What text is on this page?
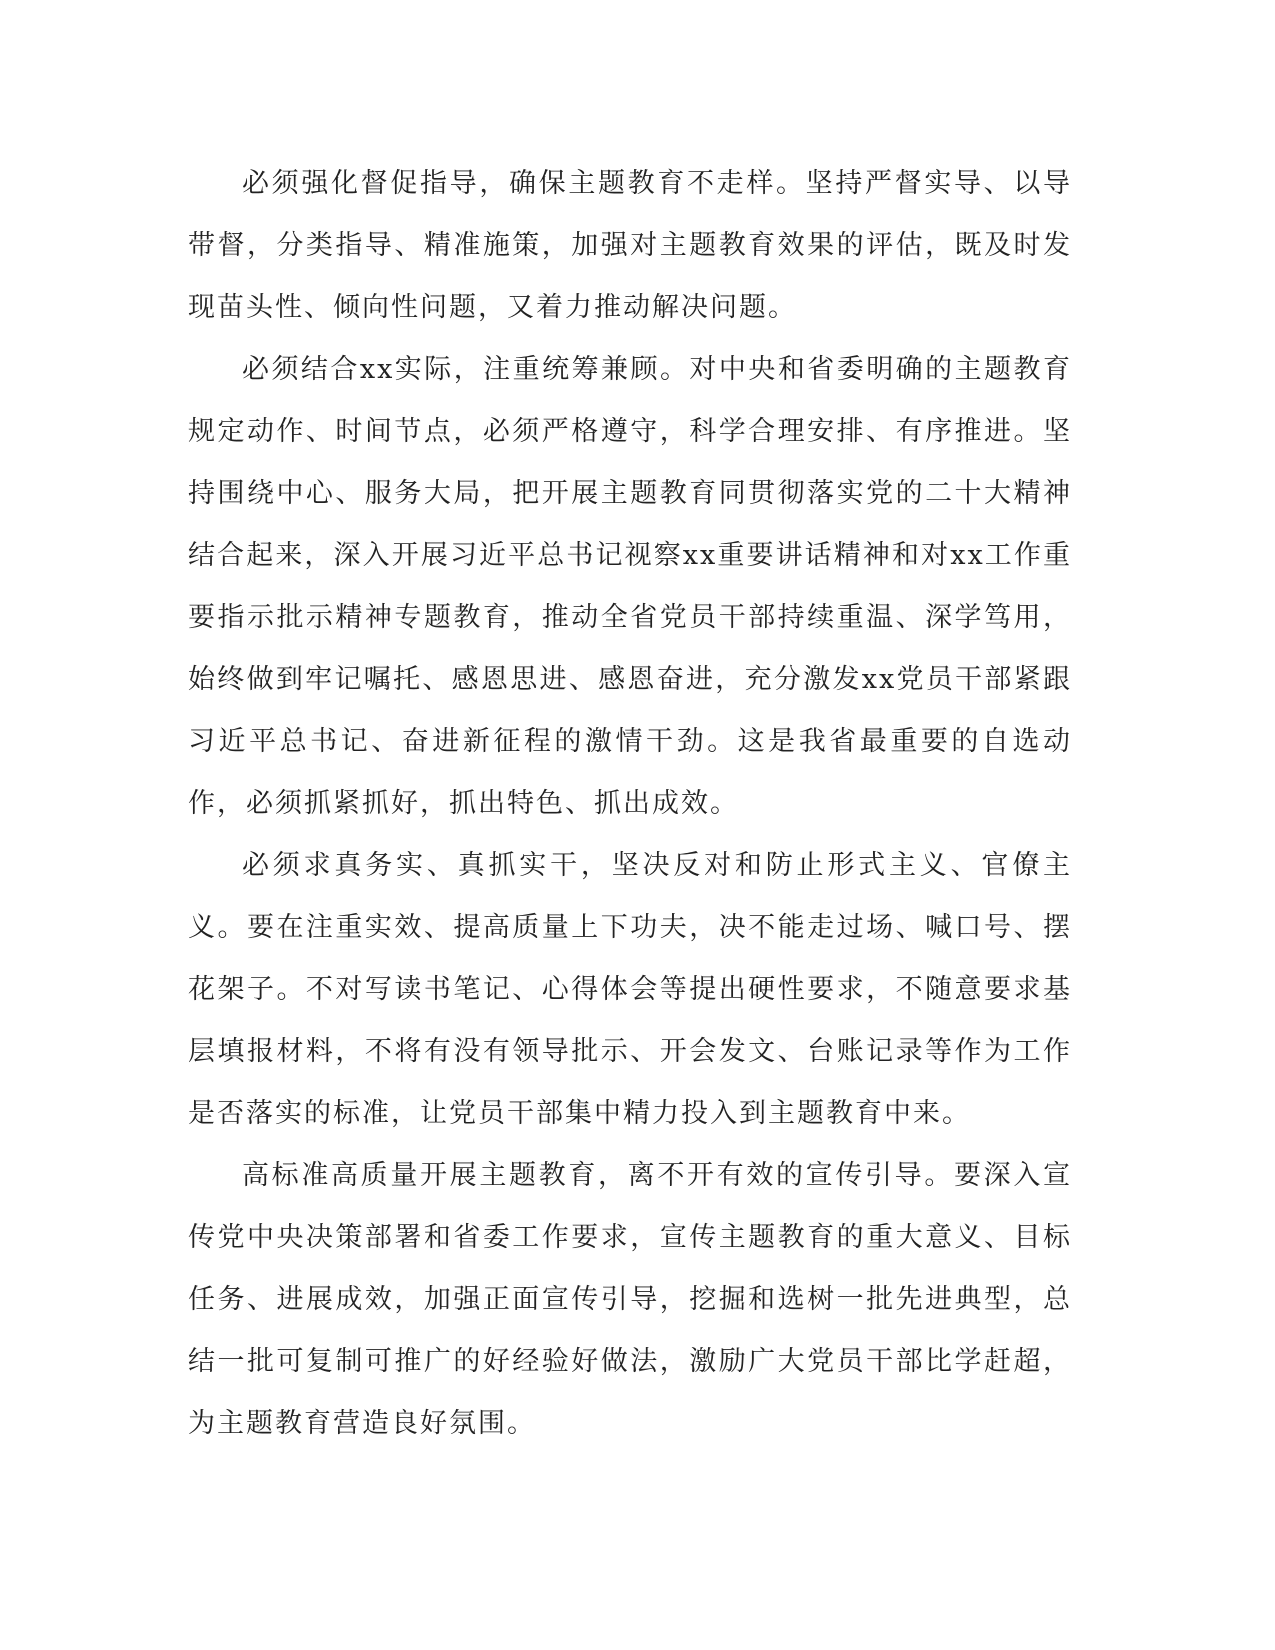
必须强化督促指导，确保主题教育不走样。坚持严督实导、以导带督，分类指导、精准施策，加强对主题教育效果的评估，既及时发现苗头性、倾向性问题，又着力推动解决问题。

必须结合xx实际，注重统筹兼顾。对中央和省委明确的主题教育规定动作、时间节点，必须严格遵守，科学合理安排、有序推进。坚持围绕中心、服务大局，把开展主题教育同贯彻落实党的二十大精神结合起来，深入开展习近平总书记视察xx重要讲话精神和对xx工作重要指示批示精神专题教育，推动全省党员干部持续重温、深学笃用，始终做到牢记嘱托、感恩思进、感恩奋进，充分激发xx党员干部紧跟习近平总书记、奋进新征程的激情干劲。这是我省最重要的自选动作，必须抓紧抓好，抓出特色、抓出成效。

必须求真务实、真抓实干，坚决反对和防止形式主义、官僚主义。要在注重实效、提高质量上下功夫，决不能走过场、喊口号、摆花架子。不对写读书笔记、心得体会等提出硬性要求，不随意要求基层填报材料，不将有没有领导批示、开会发文、台账记录等作为工作是否落实的标准，让党员干部集中精力投入到主题教育中来。

高标准高质量开展主题教育，离不开有效的宣传引导。要深入宣传党中央决策部署和省委工作要求，宣传主题教育的重大意义、目标任务、进展成效，加强正面宣传引导，挖掘和选树一批先进典型，总结一批可复制可推广的好经验好做法，激励广大党员干部比学赶超，为主题教育营造良好氛围。
